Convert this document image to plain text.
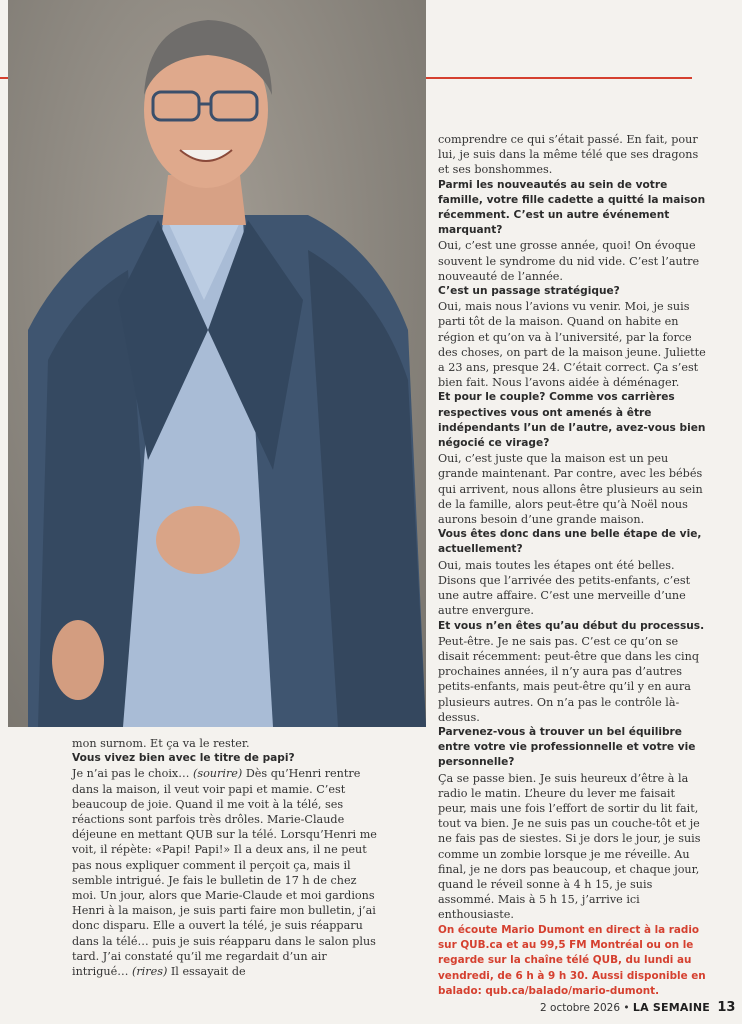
comprendre ce qui s’était passé. En fait, pour lui, je suis dans la même télé que ses dragons et ses bonshommes.

Parmi les nouveautés au sein de votre famille, votre fille cadette a quitté la maison récemment. C’est un autre événement marquant?

Oui, c’est une grosse année, quoi! On évoque souvent le syndrome du nid vide. C’est l’autre nouveauté de l’année.

C’est un passage stratégique?

Oui, mais nous l’avions vu venir. Moi, je suis parti tôt de la maison. Quand on habite en région et qu’on va à l’université, par la force des choses, on part de la maison jeune. Juliette a 23 ans, presque 24. C’était correct. Ça s’est bien fait. Nous l’avons aidée à déménager.

Et pour le couple? Comme vos carrières respectives vous ont amenés à être indépendants l’un de l’autre, avez-vous bien négocié ce virage?

Oui, c’est juste que la maison est un peu grande maintenant. Par contre, avec les bébés qui arrivent, nous allons être plusieurs au sein de la famille, alors peut-être qu’à Noël nous aurons besoin d’une grande maison.

Vous êtes donc dans une belle étape de vie, actuellement?

Oui, mais toutes les étapes ont été belles. Disons que l’arrivée des petits-enfants, c’est une autre affaire. C’est une merveille d’une autre envergure.

Et vous n’en êtes qu’au début du processus.

Peut-être. Je ne sais pas. C’est ce qu’on se disait récemment: peut-être que dans les cinq prochaines années, il n’y aura pas d’autres petits-enfants, mais peut-être qu’il y en aura plusieurs autres. On n’a pas le contrôle là-dessus.

Parvenez-vous à trouver un bel équilibre entre votre vie professionnelle et votre vie personnelle?

Ça se passe bien. Je suis heureux d’être à la radio le matin. L’heure du lever me faisait peur, mais une fois l’effort de sortir du lit fait, tout va bien. Je ne suis pas un couche-tôt et je ne fais pas de siestes. Si je dors le jour, je suis comme un zombie lorsque je me réveille. Au final, je ne dors pas beaucoup, et chaque jour, quand le réveil sonne à 4 h 15, je suis assommé. Mais à 5 h 15, j’arrive ici enthousiaste.

On écoute Mario Dumont en direct à la radio sur QUB.ca et au 99,5 FM Montréal ou on le regarde sur la chaîne télé QUB, du lundi au vendredi, de 6 h à 9 h 30. Aussi disponible en balado: qub.ca/balado/mario-dumont.

mon surnom. Et ça va le rester.

Vous vivez bien avec le titre de papi?

Je n’ai pas le choix… (sourire) Dès qu’Henri rentre dans la maison, il veut voir papi et mamie. C’est beaucoup de joie. Quand il me voit à la télé, ses réactions sont parfois très drôles. Marie-Claude déjeune en mettant QUB sur la télé. Lorsqu’Henri me voit, il répète: «Papi! Papi!» Il a deux ans, il ne peut pas nous expliquer comment il perçoit ça, mais il semble intrigué. Je fais le bulletin de 17 h de chez moi. Un jour, alors que Marie-Claude et moi gardions Henri à la maison, je suis parti faire mon bulletin, j’ai donc disparu. Elle a ouvert la télé, je suis réapparu dans la télé… puis je suis réapparu dans le salon plus tard. J’ai constaté qu’il me regardait d’un air intrigué… (rires) Il essayait de

2 octobre 2026 • LA SEMAINE 13
